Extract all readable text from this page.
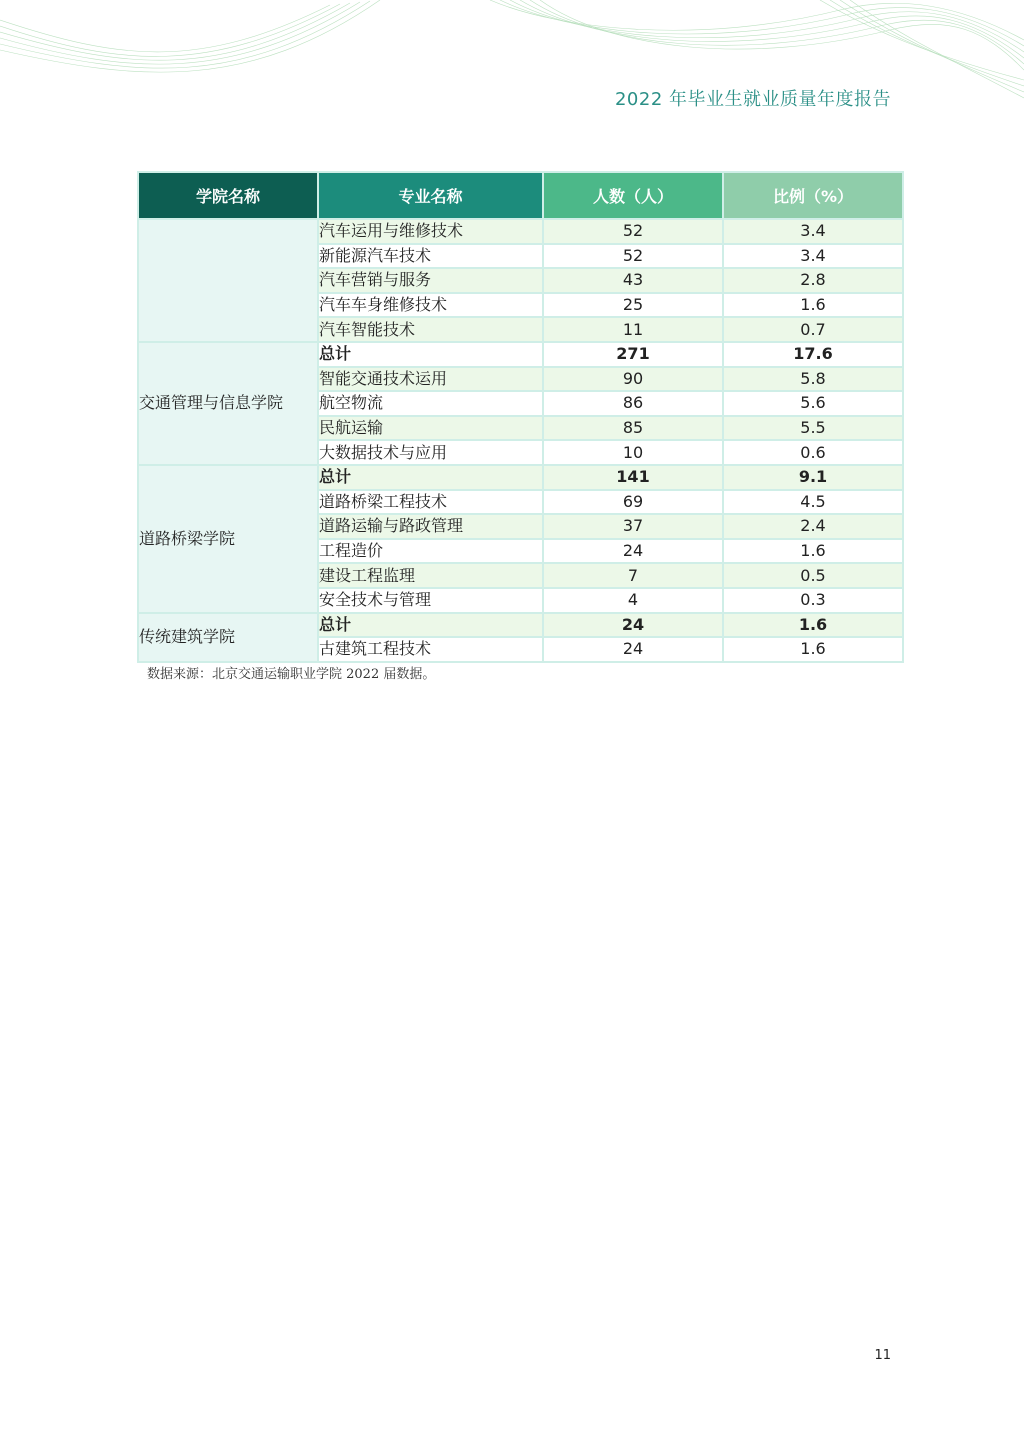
2022 年毕业生就业质量年度报告
学院名称	专业名称	人数（人）	比例（%）
	汽车运用与维修技术	52	3.4
	新能源汽车技术	52	3.4
	汽车营销与服务	43	2.8
	汽车车身维修技术	25	1.6
	汽车智能技术	11	0.7
交通管理与信息学院	总计	271	17.6
	智能交通技术运用	90	5.8
	航空物流	86	5.6
	民航运输	85	5.5
	大数据技术与应用	10	0.6
道路桥梁学院	总计	141	9.1
	道路桥梁工程技术	69	4.5
	道路运输与路政管理	37	2.4
	工程造价	24	1.6
	建设工程监理	7	0.5
	安全技术与管理	4	0.3
传统建筑学院	总计	24	1.6
	古建筑工程技术	24	1.6
数据来源：北京交通运输职业学院 2022 届数据。
11
